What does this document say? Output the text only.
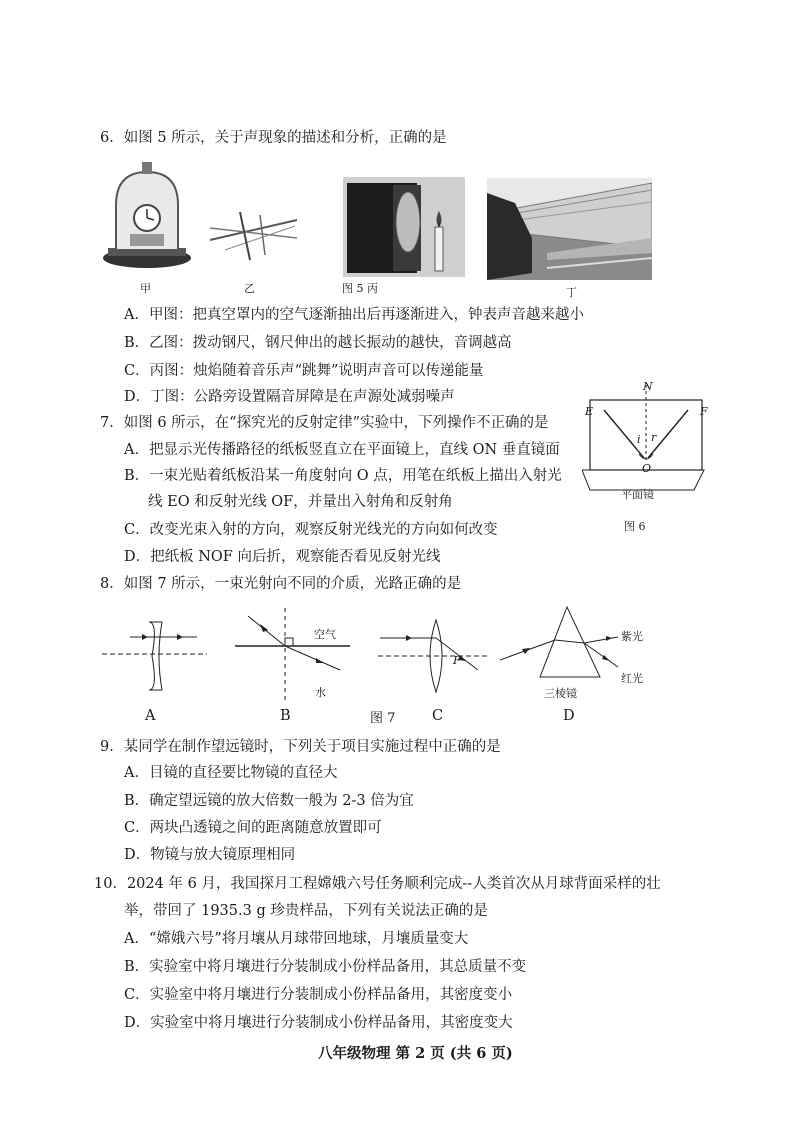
6．如图 5 所示，关于声现象的描述和分析，正确的是
甲	乙	图 5 丙	丁
A．甲图：把真空罩内的空气逐渐抽出后再逐渐进入，钟表声音越来越小
B．乙图：拨动钢尺，钢尺伸出的越长振动的越快，音调越高
C．丙图：烛焰随着音乐声“跳舞”说明声音可以传递能量
D．丁图：公路旁设置隔音屏障是在声源处减弱噪声
7．如图 6 所示，在“探究光的反射定律”实验中，下列操作不正确的是
A．把显示光传播路径的纸板竖直立在平面镜上，直线 ON 垂直镜面
B．一束光贴着纸板沿某一角度射向 O 点，用笔在纸板上描出入射光
线 EO 和反射光线 OF，并量出入射角和反射角
C．改变光束入射的方向，观察反射光线光的方向如何改变
D．把纸板 NOF 向后折，观察能否看见反射光线
N
E	F
i r
O
平面镜
图 6
8．如图 7 所示，一束光射向不同的介质，光路正确的是
A
空气
水
B	图 7
F
C
紫光
红光
三棱镜
D
9．某同学在制作望远镜时，下列关于项目实施过程中正确的是
A．目镜的直径要比物镜的直径大
B．确定望远镜的放大倍数一般为 2-3 倍为宜
C．两块凸透镜之间的距离随意放置即可
D．物镜与放大镜原理相同
10．2024 年 6 月，我国探月工程嫦娥六号任务顺利完成--人类首次从月球背面采样的壮
举，带回了 1935.3 g 珍贵样品，下列有关说法正确的是
A．“嫦娥六号”将月壤从月球带回地球，月壤质量变大
B．实验室中将月壤进行分装制成小份样品备用，其总质量不变
C．实验室中将月壤进行分装制成小份样品备用，其密度变小
D．实验室中将月壤进行分装制成小份样品备用，其密度变大
八年级物理 第 2 页 (共 6 页)
